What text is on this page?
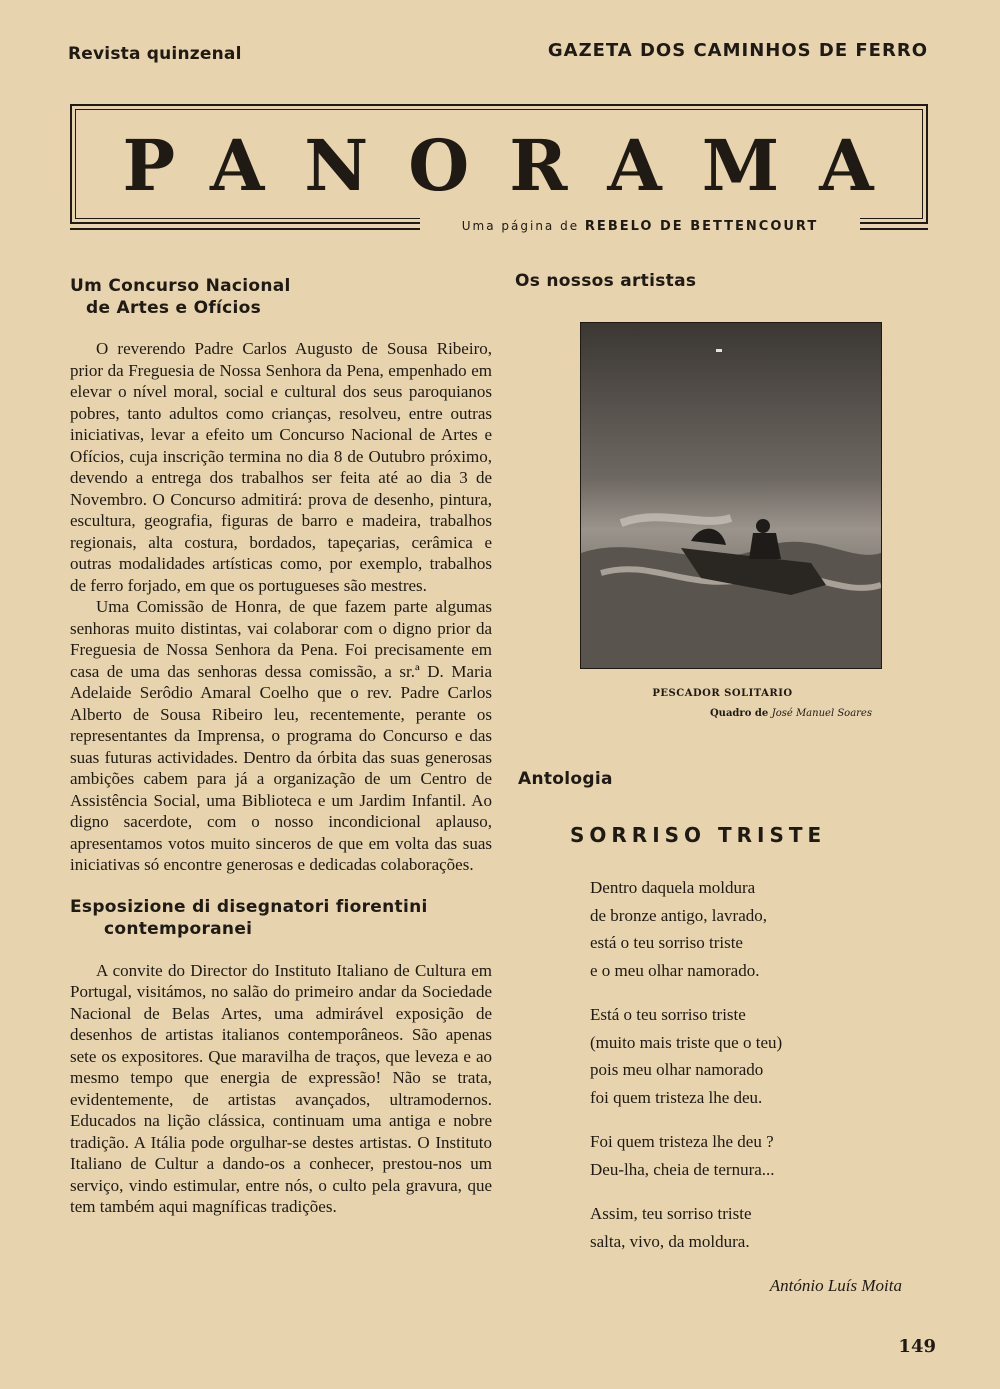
Revista quinzenal	GAZETA DOS CAMINHOS DE FERRO
PANORAMA
Uma página de REBELO DE BETTENCOURT
Um Concurso Nacional
de Artes e Ofícios

O reverendo Padre Carlos Augusto de Sousa Ribeiro, prior da Freguesia de Nossa Senhora da Pena, empenhado em elevar o nível moral, social e cultural dos seus paroquianos pobres, tanto adultos como crianças, resolveu, entre outras iniciativas, levar a efeito um Concurso Nacional de Artes e Ofícios, cuja inscrição termina no dia 8 de Outubro próximo, devendo a entrega dos trabalhos ser feita até ao dia 3 de Novembro. O Concurso admitirá: prova de desenho, pintura, escultura, geografia, figuras de barro e madeira, trabalhos regionais, alta costura, bordados, tapeçarias, cerâmica e outras modalidades artísticas como, por exemplo, trabalhos de ferro forjado, em que os portugueses são mestres.

Uma Comissão de Honra, de que fazem parte algumas senhoras muito distintas, vai colaborar com o digno prior da Freguesia de Nossa Senhora da Pena. Foi precisamente em casa de uma das senhoras dessa comissão, a sr.ª D. Maria Adelaide Serôdio Amaral Coelho que o rev. Padre Carlos Alberto de Sousa Ribeiro leu, recentemente, perante os representantes da Imprensa, o programa do Concurso e das suas futuras actividades. Dentro da órbita das suas generosas ambições cabem para já a organização de um Centro de Assistência Social, uma Biblioteca e um Jardim Infantil. Ao digno sacerdote, com o nosso incondicional aplauso, apresentamos votos muito sinceros de que em volta das suas iniciativas só encontre generosas e dedicadas colaborações.

Esposizione di disegnatori fiorentini
contemporanei

A convite do Director do Instituto Italiano de Cultura em Portugal, visitámos, no salão do primeiro andar da Sociedade Nacional de Belas Artes, uma admirável exposição de desenhos de artistas italianos contemporâneos. São apenas sete os expositores. Que maravilha de traços, que leveza e ao mesmo tempo que energia de expressão! Não se trata, evidentemente, de artistas avançados, ultramodernos. Educados na lição clássica, continuam uma antiga e nobre tradição. A Itália pode orgulhar-se destes artistas. O Instituto Italiano de Cultur a dando-os a conhecer, prestou-nos um serviço, vindo estimular, entre nós, o culto pela gravura, que tem também aqui magníficas tradições.

Os nossos artistas
PESCADOR SOLITARIO
Quadro de José Manuel Soares
Antologia
SORRISO TRISTE
Dentro daquela moldura
de bronze antigo, lavrado,
está o teu sorriso triste
e o meu olhar namorado.
Está o teu sorriso triste
(muito mais triste que o teu)
pois meu olhar namorado
foi quem tristeza lhe deu.
Foi quem tristeza lhe deu ?
Deu-lha, cheia de ternura...
Assim, teu sorriso triste
salta, vivo, da moldura.
António Luís Moita
149
